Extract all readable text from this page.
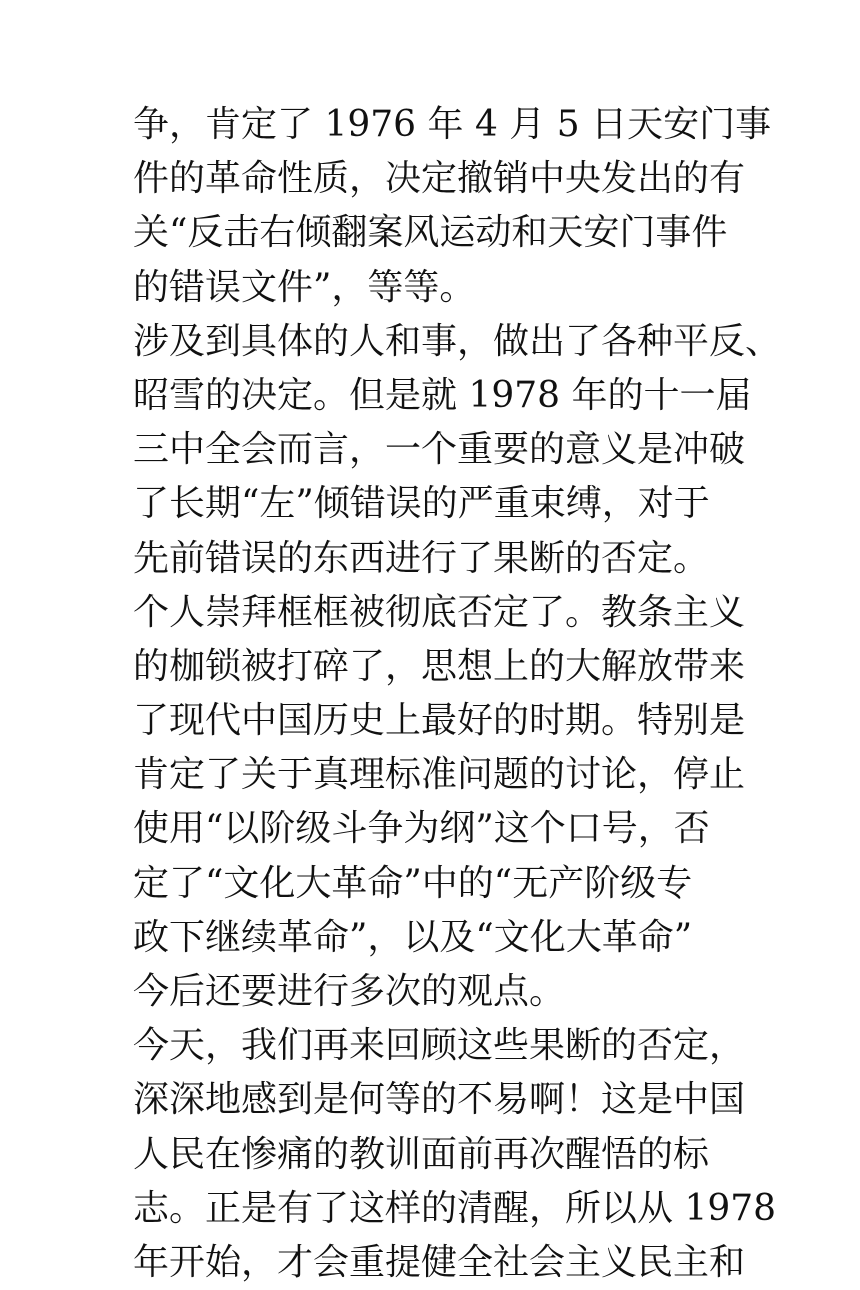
争，肯定了 1976 年 4 月 5 日天安门事
件的革命性质，决定撤销中央发出的有
关“反击右倾翻案风运动和天安门事件
的错误文件”，等等。
涉及到具体的人和事，做出了各种平反、
昭雪的决定。但是就 1978 年的十一届
三中全会而言，一个重要的意义是冲破
了长期“左”倾错误的严重束缚，对于
先前错误的东西进行了果断的否定。
个人崇拜框框被彻底否定了。教条主义
的枷锁被打碎了，思想上的大解放带来
了现代中国历史上最好的时期。特别是
肯定了关于真理标准问题的讨论，停止
使用“以阶级斗争为纲”这个口号，否
定了“文化大革命”中的“无产阶级专
政下继续革命”，以及“文化大革命”
今后还要进行多次的观点。
今天，我们再来回顾这些果断的否定，
深深地感到是何等的不易啊！这是中国
人民在惨痛的教训面前再次醒悟的标
志。正是有了这样的清醒，所以从 1978
年开始，才会重提健全社会主义民主和
